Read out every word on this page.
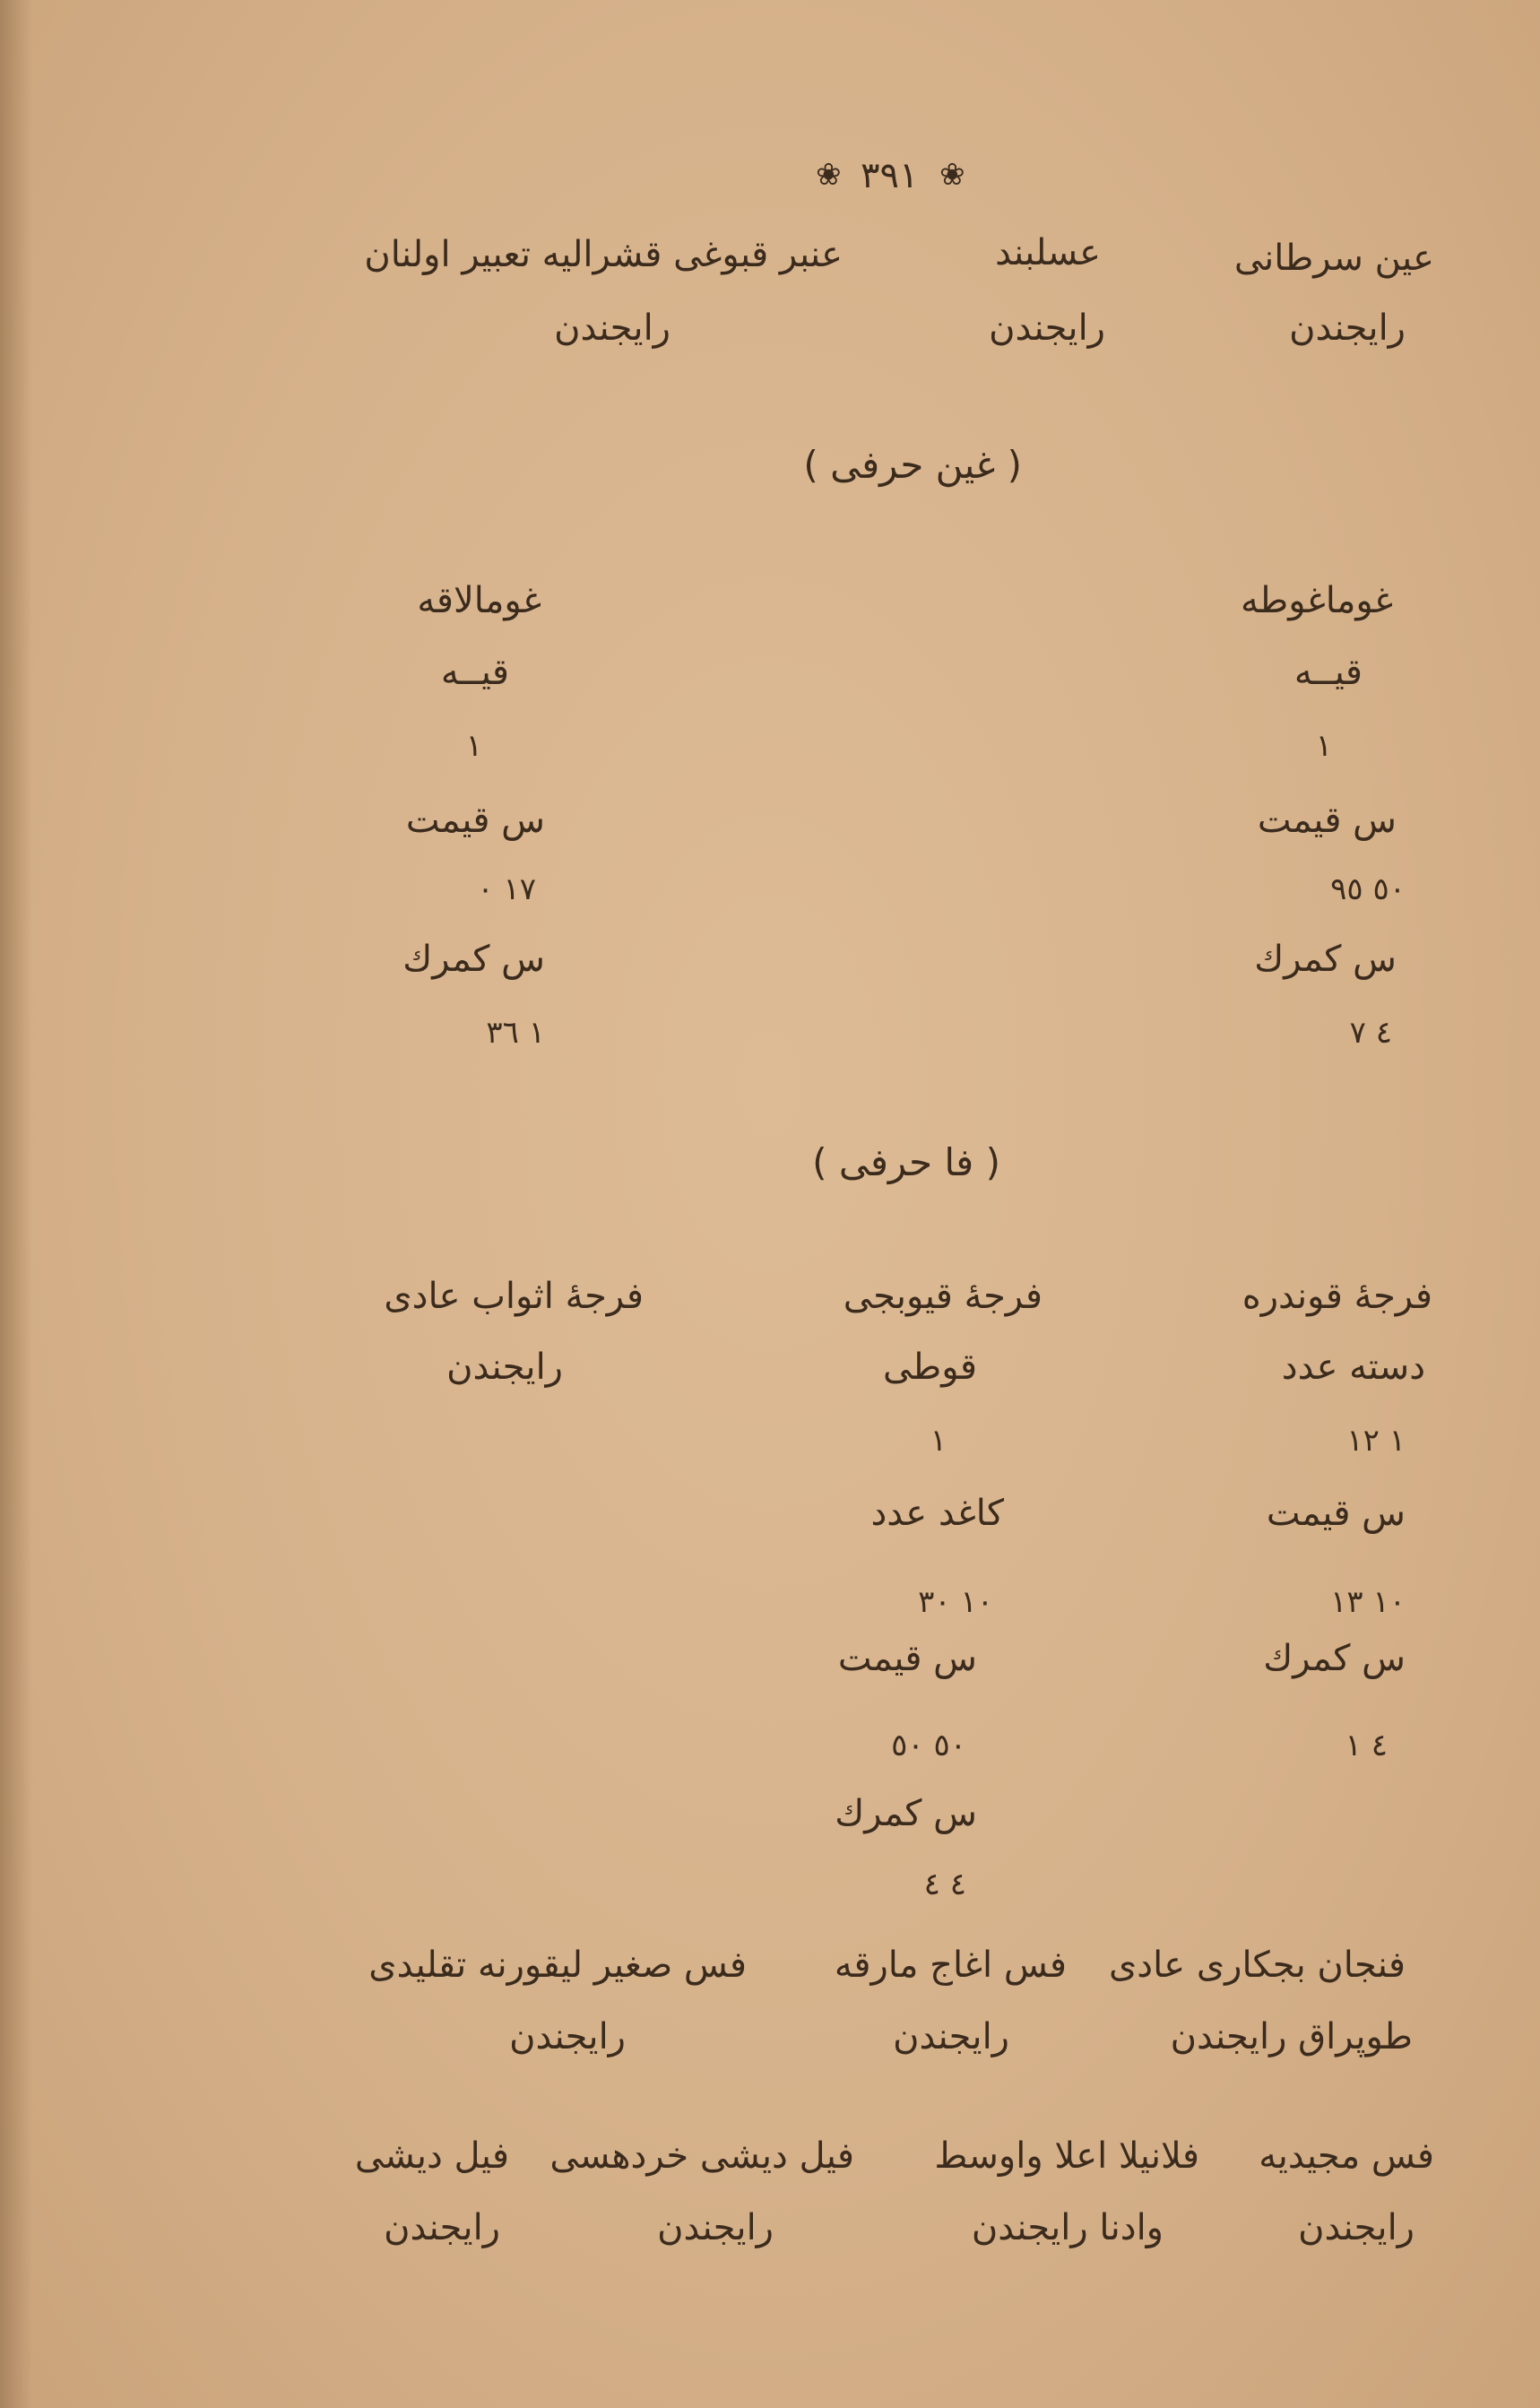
❀
٣٩١
❀
عين سرطانى
رايجندن
عسلبند
رايجندن
عنبر قبوغى قشراليه تعبير اولنان
رايجندن
( غين حرفى )
غوماغوطه
قيــه
١
س قيمت
٥٠ ٩٥
س كمرك
٤ ٧
غومالاقه
قيــه
١
س قيمت
١٧ ٠
س كمرك
١ ٣٦
( فا حرفى )
فرجهٔ قوندره
دسته عدد
١ ١٢
س قيمت
١٠ ١٣
س كمرك
٤ ١
فرجهٔ قيوبجى
قوطى
١
كاغد عدد
١٠ ٣٠
س قيمت
٥٠ ٥٠
س كمرك
٤ ٤
فرجهٔ اثواب عادى
رايجندن
فنجان بجكارى عادى
طوپراق رايجندن
فس اغاج مارقه
رايجندن
فس صغير ليقورنه تقليدى
رايجندن
فس مجيديه
رايجندن
فلانيلا اعلا واوسط
وادنا رايجندن
فيل ديشى خردهسى
رايجندن
فيل ديشى
رايجندن
